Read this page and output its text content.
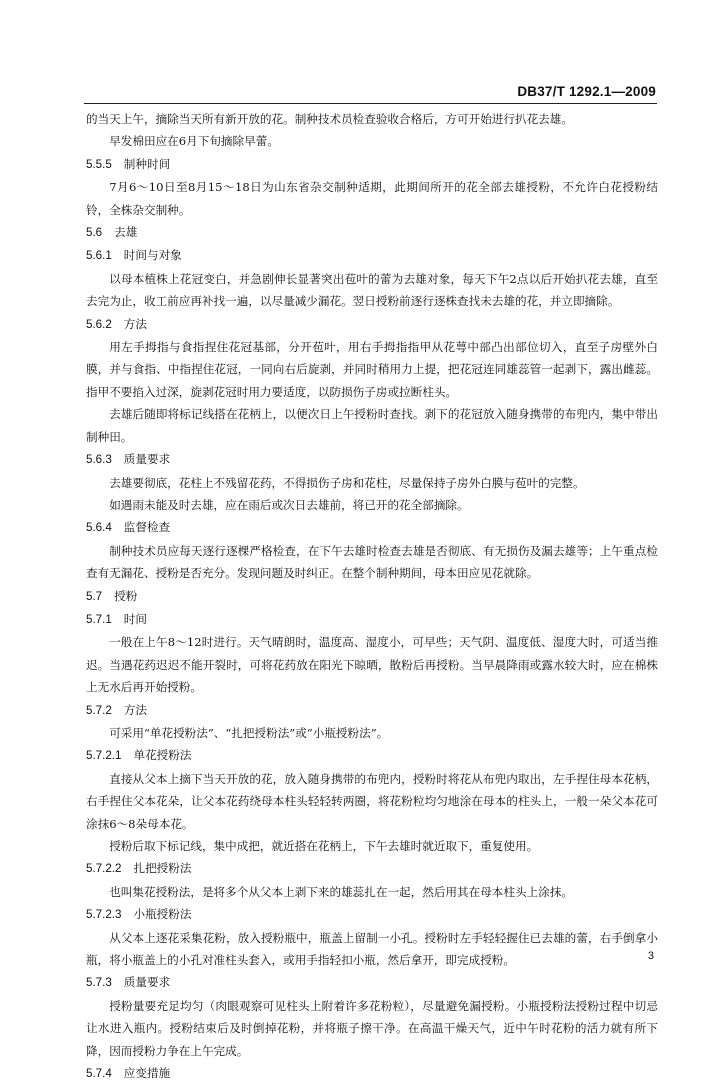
DB37/T 1292.1—2009

的当天上午，摘除当天所有新开放的花。制种技术员检查验收合格后，方可开始进行扒花去雄。

早发棉田应在6月下旬摘除早蕾。

5.5.5 制种时间

7月6～10日至8月15～18日为山东省杂交制种适期，此期间所开的花全部去雄授粉，不允许白花授粉结铃，全株杂交制种。

5.6 去雄

5.6.1 时间与对象

以母本植株上花冠变白，并急剧伸长显著突出苞叶的蕾为去雄对象，每天下午2点以后开始扒花去雄，直至去完为止，收工前应再补找一遍，以尽量减少漏花。翌日授粉前逐行逐株查找未去雄的花，并立即摘除。

5.6.2 方法

用左手拇指与食指捏住花冠基部，分开苞叶，用右手拇指指甲从花萼中部凸出部位切入，直至子房壁外白膜，并与食指、中指捏住花冠，一同向右后旋剥，并同时稍用力上提，把花冠连同雄蕊管一起剥下，露出雌蕊。指甲不要掐入过深，旋剥花冠时用力要适度，以防损伤子房或拉断柱头。

去雄后随即将标记线搭在花柄上，以便次日上午授粉时查找。剥下的花冠放入随身携带的布兜内，集中带出制种田。

5.6.3 质量要求

去雄要彻底，花柱上不残留花药，不得损伤子房和花柱，尽量保持子房外白膜与苞叶的完整。

如遇雨未能及时去雄，应在雨后或次日去雄前，将已开的花全部摘除。

5.6.4 监督检查

制种技术员应每天逐行逐棵严格检查，在下午去雄时检查去雄是否彻底、有无损伤及漏去雄等；上午重点检查有无漏花、授粉是否充分。发现问题及时纠正。在整个制种期间，母本田应见花就除。

5.7 授粉

5.7.1 时间

一般在上午8～12时进行。天气晴朗时，温度高、湿度小，可早些；天气阴、温度低、湿度大时，可适当推迟。当遇花药迟迟不能开裂时，可将花药放在阳光下晾晒，散粉后再授粉。当早晨降雨或露水较大时，应在棉株上无水后再开始授粉。

5.7.2 方法

可采用“单花授粉法”、“扎把授粉法”或“小瓶授粉法”。

5.7.2.1 单花授粉法

直接从父本上摘下当天开放的花，放入随身携带的布兜内，授粉时将花从布兜内取出，左手捏住母本花柄，右手捏住父本花朵，让父本花药绕母本柱头轻轻转两圈，将花粉粒均匀地涂在母本的柱头上，一般一朵父本花可涂抹6～8朵母本花。

授粉后取下标记线，集中成把，就近搭在花柄上，下午去雄时就近取下，重复使用。

5.7.2.2 扎把授粉法

也叫集花授粉法，是将多个从父本上剥下来的雄蕊扎在一起，然后用其在母本柱头上涂抹。

5.7.2.3 小瓶授粉法

从父本上逐花采集花粉，放入授粉瓶中，瓶盖上留制一小孔。授粉时左手轻轻握住已去雄的蕾，右手倒拿小瓶，将小瓶盖上的小孔对准柱头套入，或用手指轻扣小瓶，然后拿开，即完成授粉。

5.7.3 质量要求

授粉量要充足均匀（肉眼观察可见柱头上附着许多花粉粒），尽量避免漏授粉。小瓶授粉法授粉过程中切忌让水进入瓶内。授粉结束后及时倒掉花粉，并将瓶子擦干净。在高温干燥天气，近中午时花粉的活力就有所下降，因而授粉力争在上午完成。

5.7.4 应变措施

3
